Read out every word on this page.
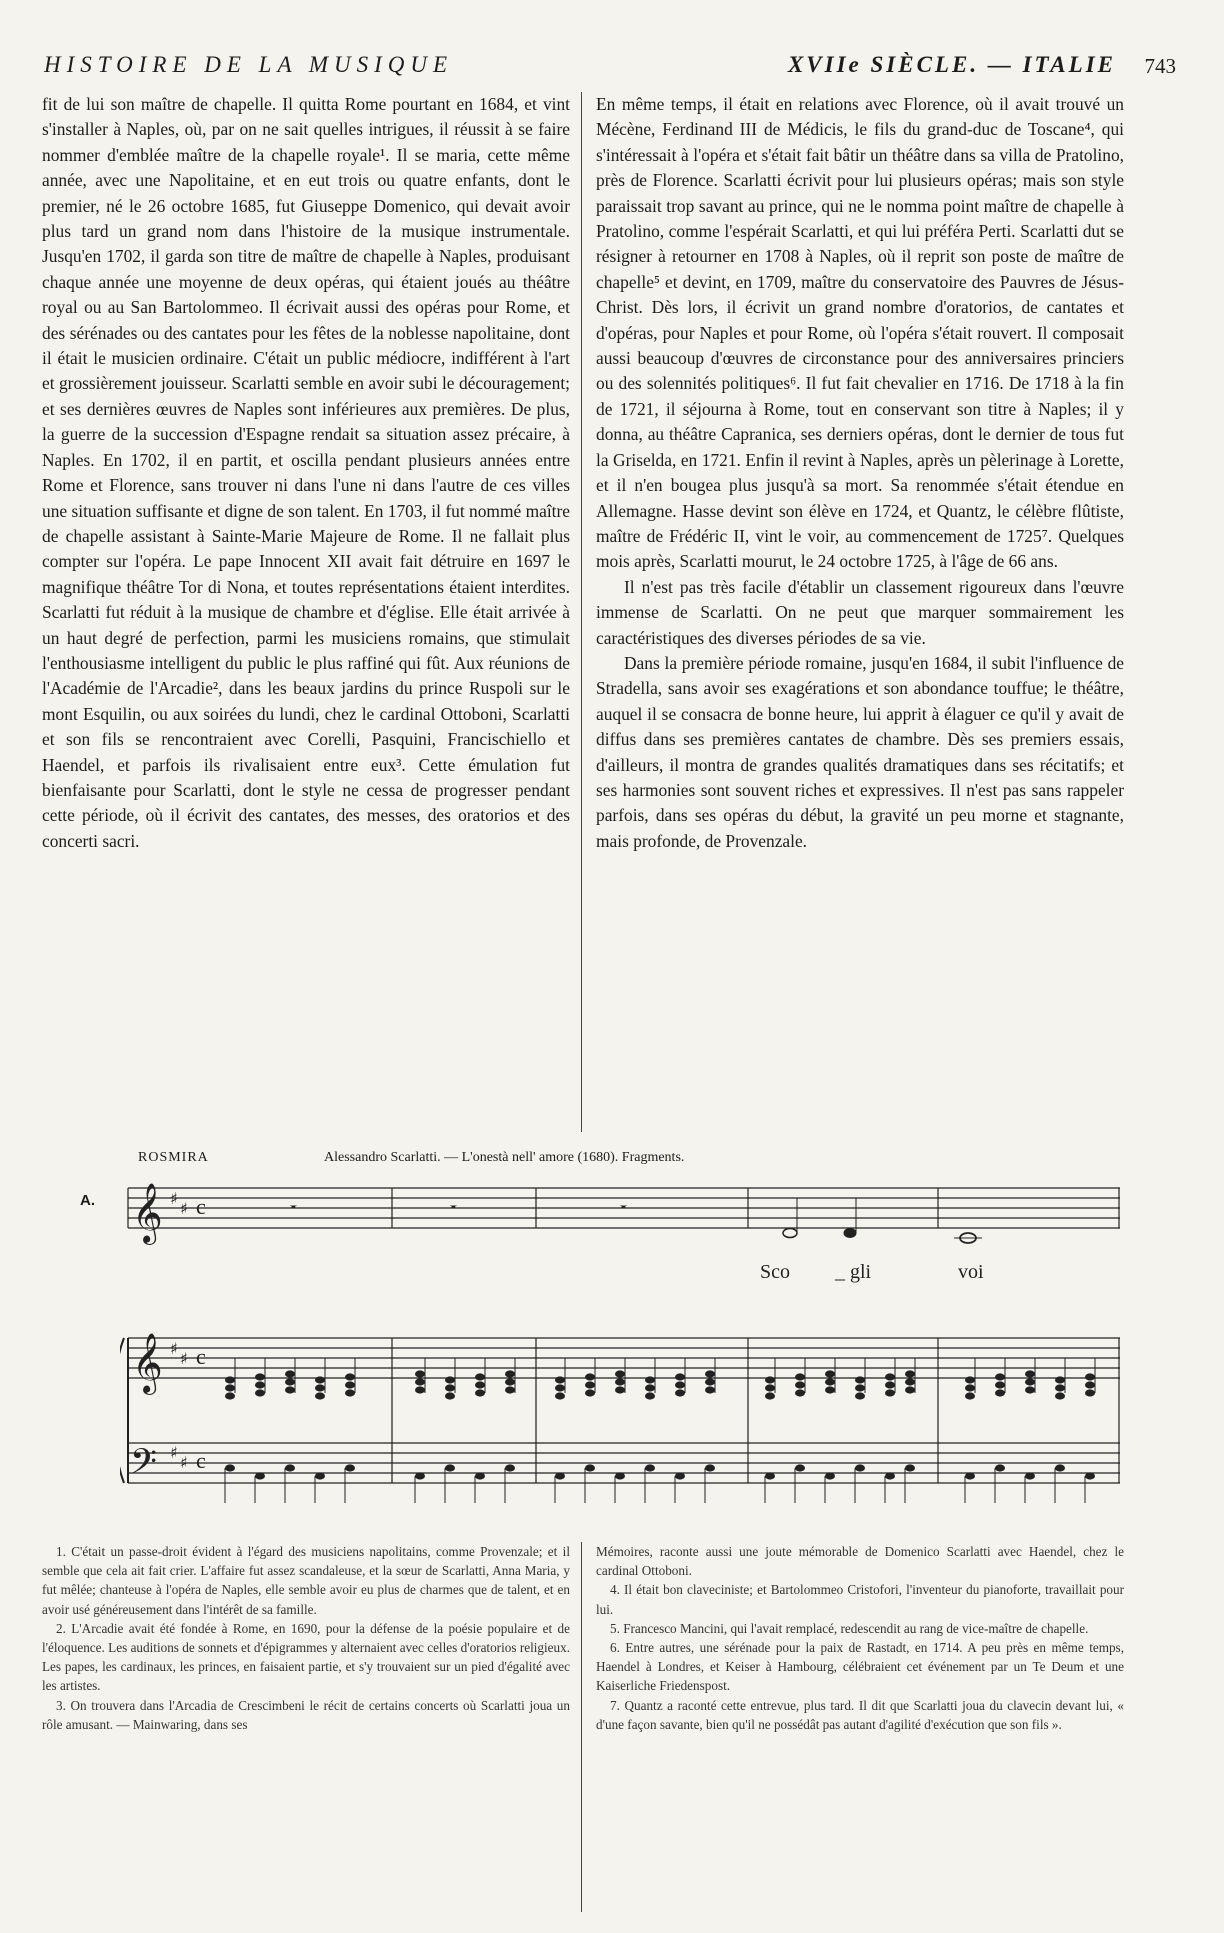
HISTOIRE DE LA MUSIQUE	XVIIe SIÈCLE. — ITALIE 743

fit de lui son maître de chapelle. Il quitta Rome pourtant en 1684, et vint s'installer à Naples, où, par on ne sait quelles intrigues, il réussit à se faire nommer d'emblée maître de la chapelle royale¹. Il se maria, cette même année, avec une Napolitaine, et en eut trois ou quatre enfants, dont le premier, né le 26 octobre 1685, fut Giuseppe Domenico, qui devait avoir plus tard un grand nom dans l'histoire de la musique instrumentale. Jusqu'en 1702, il garda son titre de maître de chapelle à Naples, produisant chaque année une moyenne de deux opéras, qui étaient joués au théâtre royal ou au San Bartolommeo. Il écrivait aussi des opéras pour Rome, et des sérénades ou des cantates pour les fêtes de la noblesse napolitaine, dont il était le musicien ordinaire. C'était un public médiocre, indifférent à l'art et grossièrement jouisseur. Scarlatti semble en avoir subi le découragement; et ses dernières œuvres de Naples sont inférieures aux premières. De plus, la guerre de la succession d'Espagne rendait sa situation assez précaire, à Naples. En 1702, il en partit, et oscilla pendant plusieurs années entre Rome et Florence, sans trouver ni dans l'une ni dans l'autre de ces villes une situation suffisante et digne de son talent. En 1703, il fut nommé maître de chapelle assistant à Sainte-Marie Majeure de Rome. Il ne fallait plus compter sur l'opéra. Le pape Innocent XII avait fait détruire en 1697 le magnifique théâtre Tor di Nona, et toutes représentations étaient interdites. Scarlatti fut réduit à la musique de chambre et d'église. Elle était arrivée à un haut degré de perfection, parmi les musiciens romains, que stimulait l'enthousiasme intelligent du public le plus raffiné qui fût. Aux réunions de l'Académie de l'Arcadie², dans les beaux jardins du prince Ruspoli sur le mont Esquilin, ou aux soirées du lundi, chez le cardinal Ottoboni, Scarlatti et son fils se rencontraient avec Corelli, Pasquini, Francischiello et Haendel, et parfois ils rivalisaient entre eux³. Cette émulation fut bienfaisante pour Scarlatti, dont le style ne cessa de progresser pendant cette période, où il écrivit des cantates, des messes, des oratorios et des concerti sacri.

En même temps, il était en relations avec Florence, où il avait trouvé un Mécène, Ferdinand III de Médicis, le fils du grand-duc de Toscane⁴, qui s'intéressait à l'opéra et s'était fait bâtir un théâtre dans sa villa de Pratolino, près de Florence. Scarlatti écrivit pour lui plusieurs opéras; mais son style paraissait trop savant au prince, qui ne le nomma point maître de chapelle à Pratolino, comme l'espérait Scarlatti, et qui lui préféra Perti. Scarlatti dut se résigner à retourner en 1708 à Naples, où il reprit son poste de maître de chapelle⁵ et devint, en 1709, maître du conservatoire des Pauvres de Jésus-Christ. Dès lors, il écrivit un grand nombre d'oratorios, de cantates et d'opéras, pour Naples et pour Rome, où l'opéra s'était rouvert. Il composait aussi beaucoup d'œuvres de circonstance pour des anniversaires princiers ou des solennités politiques⁶. Il fut fait chevalier en 1716. De 1718 à la fin de 1721, il séjourna à Rome, tout en conservant son titre à Naples; il y donna, au théâtre Capranica, ses derniers opéras, dont le dernier de tous fut la Griselda, en 1721. Enfin il revint à Naples, après un pèlerinage à Lorette, et il n'en bougea plus jusqu'à sa mort. Sa renommée s'était étendue en Allemagne. Hasse devint son élève en 1724, et Quantz, le célèbre flûtiste, maître de Frédéric II, vint le voir, au commencement de 1725⁷. Quelques mois après, Scarlatti mourut, le 24 octobre 1725, à l'âge de 66 ans.

Il n'est pas très facile d'établir un classement rigoureux dans l'œuvre immense de Scarlatti. On ne peut que marquer sommairement les caractéristiques des diverses périodes de sa vie.

Dans la première période romaine, jusqu'en 1684, il subit l'influence de Stradella, sans avoir ses exagérations et son abondance touffue; le théâtre, auquel il se consacra de bonne heure, lui apprit à élaguer ce qu'il y avait de diffus dans ses premières cantates de chambre. Dès ses premiers essais, d'ailleurs, il montra de grandes qualités dramatiques dans ses récitatifs; et ses harmonies sont souvent riches et expressives. Il n'est pas sans rappeler parfois, dans ses opéras du début, la gravité un peu morne et stagnante, mais profonde, de Provenzale.

ROSMIRA	Alessandro Scarlatti. — L'onestà nell' amore (1680). Fragments.
A. 𝄞
𝄞
𝄢
♯
♯
♯
♯
♯
♯
c
c
c
𝄻	𝄻	𝄻
Sco _ gli	voi

1. C'était un passe-droit évident à l'égard des musiciens napolitains, comme Provenzale; et il semble que cela ait fait crier. L'affaire fut assez scandaleuse, et la sœur de Scarlatti, Anna Maria, y fut mêlée; chanteuse à l'opéra de Naples, elle semble avoir eu plus de charmes que de talent, et en avoir usé généreusement dans l'intérêt de sa famille.

2. L'Arcadie avait été fondée à Rome, en 1690, pour la défense de la poésie populaire et de l'éloquence. Les auditions de sonnets et d'épigrammes y alternaient avec celles d'oratorios religieux. Les papes, les cardinaux, les princes, en faisaient partie, et s'y trouvaient sur un pied d'égalité avec les artistes.

3. On trouvera dans l'Arcadia de Crescimbeni le récit de certains concerts où Scarlatti joua un rôle amusant. — Mainwaring, dans ses

Mémoires, raconte aussi une joute mémorable de Domenico Scarlatti avec Haendel, chez le cardinal Ottoboni.

4. Il était bon claveciniste; et Bartolommeo Cristofori, l'inventeur du pianoforte, travaillait pour lui.

5. Francesco Mancini, qui l'avait remplacé, redescendit au rang de vice-maître de chapelle.

6. Entre autres, une sérénade pour la paix de Rastadt, en 1714. A peu près en même temps, Haendel à Londres, et Keiser à Hambourg, célébraient cet événement par un Te Deum et une Kaiserliche Friedenspost.

7. Quantz a raconté cette entrevue, plus tard. Il dit que Scarlatti joua du clavecin devant lui, « d'une façon savante, bien qu'il ne possédât pas autant d'agilité d'exécution que son fils ».
